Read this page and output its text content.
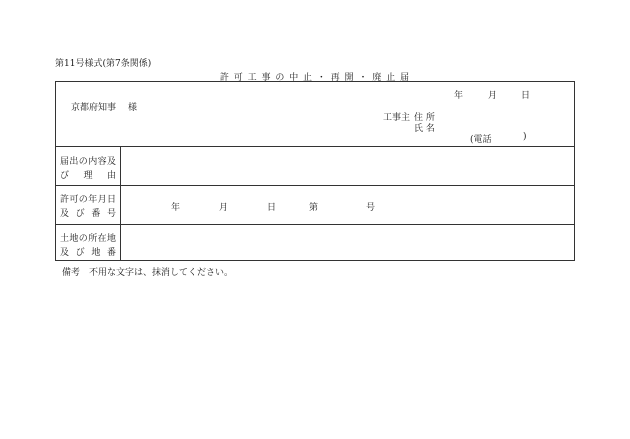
第11号様式(第7条関係)
許 可 工 事 の 中 止 ・ 再 開 ・ 廃 止 届
年	月	日
京都府知事 様
工事主 住 所
氏 名
(電話	)
届出の内容及
び 理 由
許可の年月日
及 び 番 号
年	月	日	第	号
土地の所在地
及 び 地 番
備考　不用な文字は、抹消してください。
